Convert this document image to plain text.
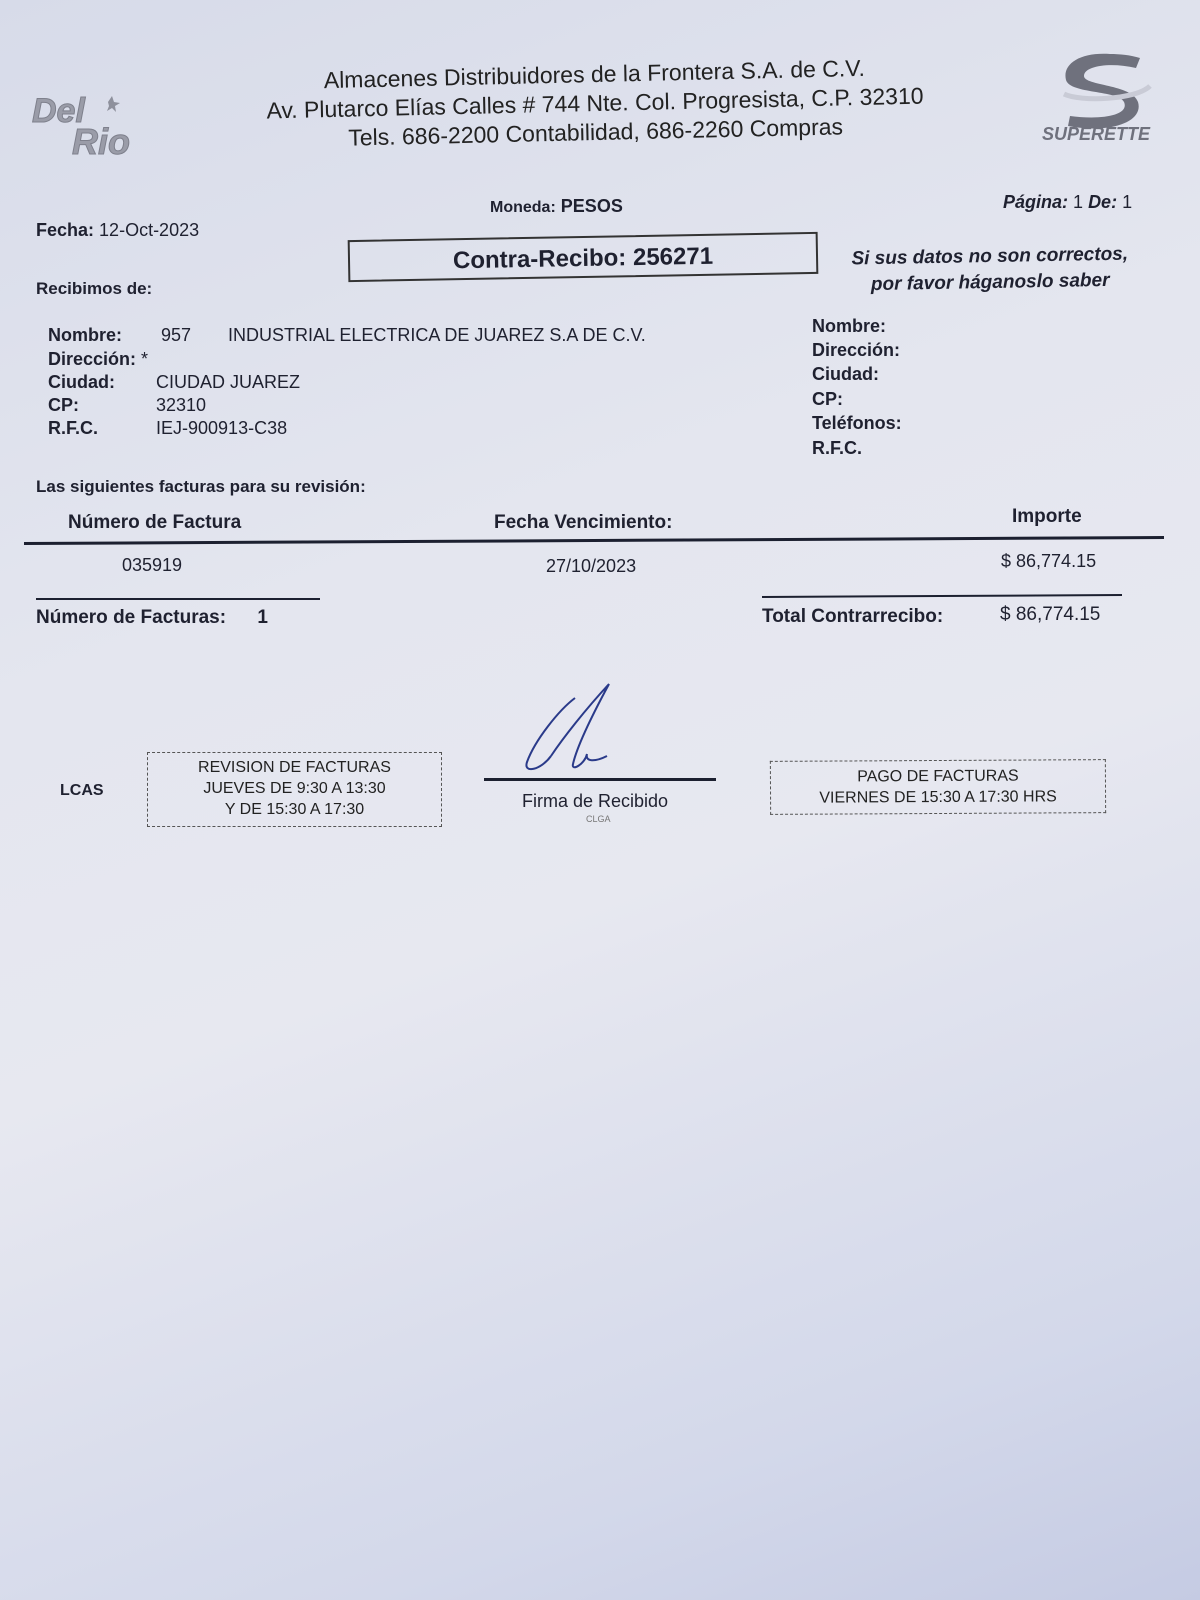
Del
Rio	SUPERETTE
Almacenes Distribuidores de la Frontera S.A. de C.V.
Av. Plutarco Elías Calles # 744 Nte. Col. Progresista, C.P. 32310
Tels. 686-2200 Contabilidad, 686-2260 Compras
Moneda: PESOS	Página: 1 De: 1
Fecha: 12-Oct-2023
Contra-Recibo: 256271	Si sus datos no son correctos,
por favor háganoslo saber
Recibimos de:
Nombre: 957 INDUSTRIAL ELECTRICA DE JUAREZ S.A DE C.V.
Dirección: *
Ciudad: CIUDAD JUAREZ
CP:	32310
R.F.C.	IEJ-900913-C38
Nombre:
Dirección:
Ciudad:
CP:
Teléfonos:
R.F.C.
Las siguientes facturas para su revisión:
Número de Factura	Fecha Vencimiento:	Importe
035919	27/10/2023	$ 86,774.15
Número de Facturas: 1	Total Contrarrecibo:	$ 86,774.15
LCAS
REVISION DE FACTURAS
JUEVES DE 9:30 A 13:30
Y DE 15:30 A 17:30	Firma de Recibido
CLGA
PAGO DE FACTURAS
VIERNES DE 15:30 A 17:30 HRS
